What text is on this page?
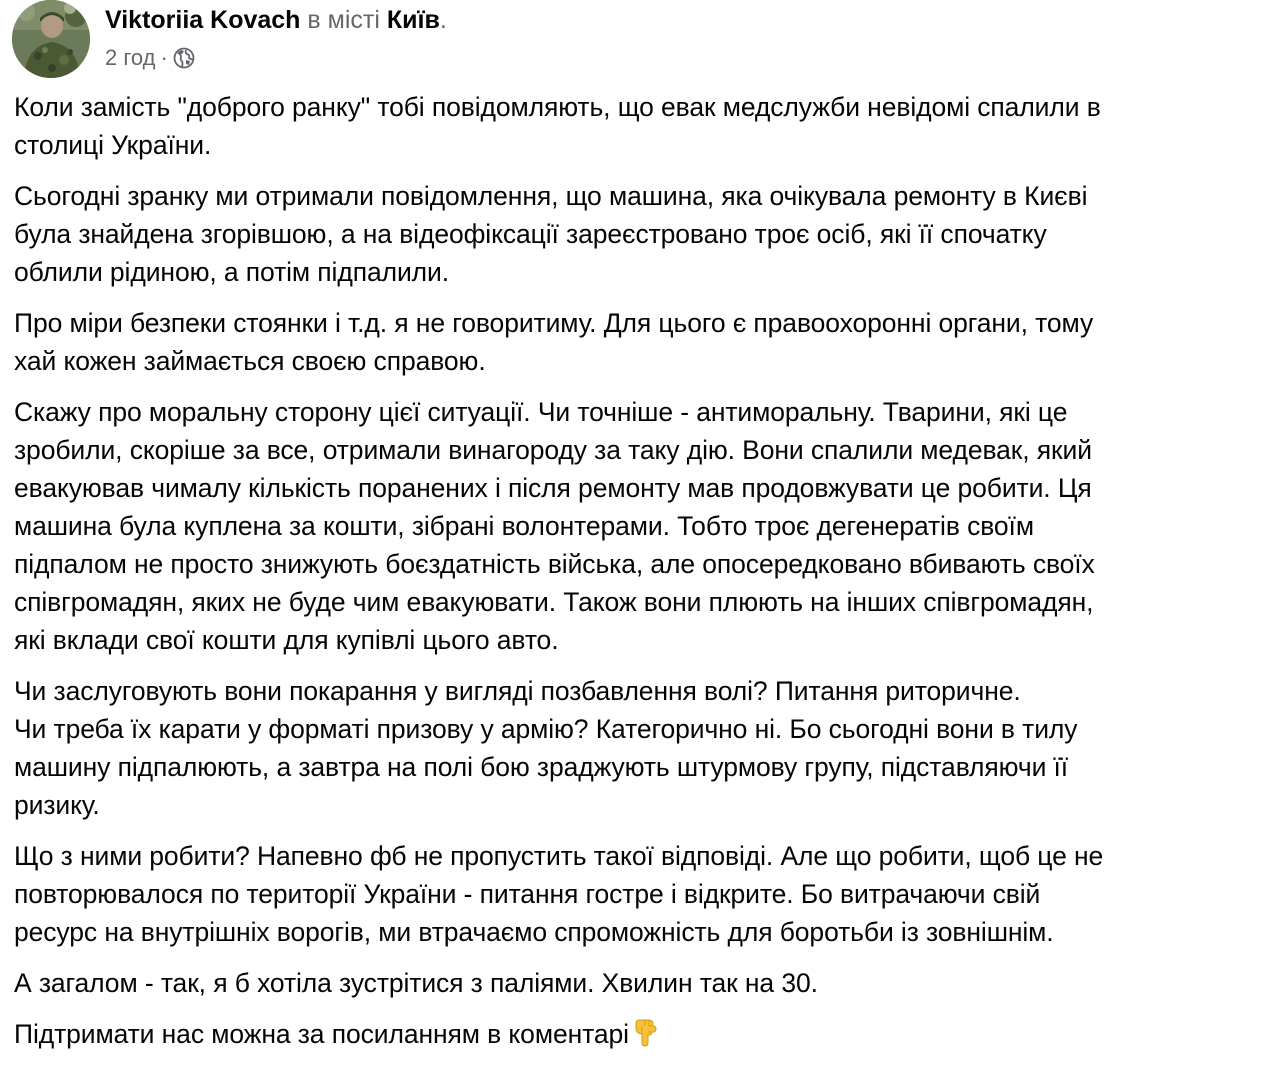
Viktoriia Kovach в місті Київ.
2 год ·
Коли замість "доброго ранку" тобі повідомляють, що евак медслужби невідомі спалили в
столиці України.
Сьогодні зранку ми отримали повідомлення, що машина, яка очікувала ремонту в Києві
була знайдена згорівшою, а на відеофіксації зареєстровано троє осіб, які її спочатку
облили рідиною, а потім підпалили.
Про міри безпеки стоянки і т.д. я не говоритиму. Для цього є правоохоронні органи, тому
хай кожен займається своєю справою.
Скажу про моральну сторону цієї ситуації. Чи точніше - антиморальну. Тварини, які це
зробили, скоріше за все, отримали винагороду за таку дію. Вони спалили медевак, який
евакуював чималу кількість поранених і після ремонту мав продовжувати це робити. Ця
машина була куплена за кошти, зібрані волонтерами. Тобто троє дегенератів своїм
підпалом не просто знижують боєздатність війська, але опосередковано вбивають своїх
співгромадян, яких не буде чим евакуювати. Також вони плюють на інших співгромадян,
які вклади свої кошти для купівлі цього авто.
Чи заслуговують вони покарання у вигляді позбавлення волі? Питання риторичне.
Чи треба їх карати у форматі призову у армію? Категорично ні. Бо сьогодні вони в тилу
машину підпалюють, а завтра на полі бою зраджують штурмову групу, підставляючи її
ризику.
Що з ними робити? Напевно фб не пропустить такої відповіді. Але що робити, щоб це не
повторювалося по території України - питання гостре і відкрите. Бо витрачаючи свій
ресурс на внутрішніх ворогів, ми втрачаємо спроможність для боротьби із зовнішнім.
А загалом - так, я б хотіла зустрітися з паліями. Хвилин так на 30.
Підтримати нас можна за посиланням в коментарі
